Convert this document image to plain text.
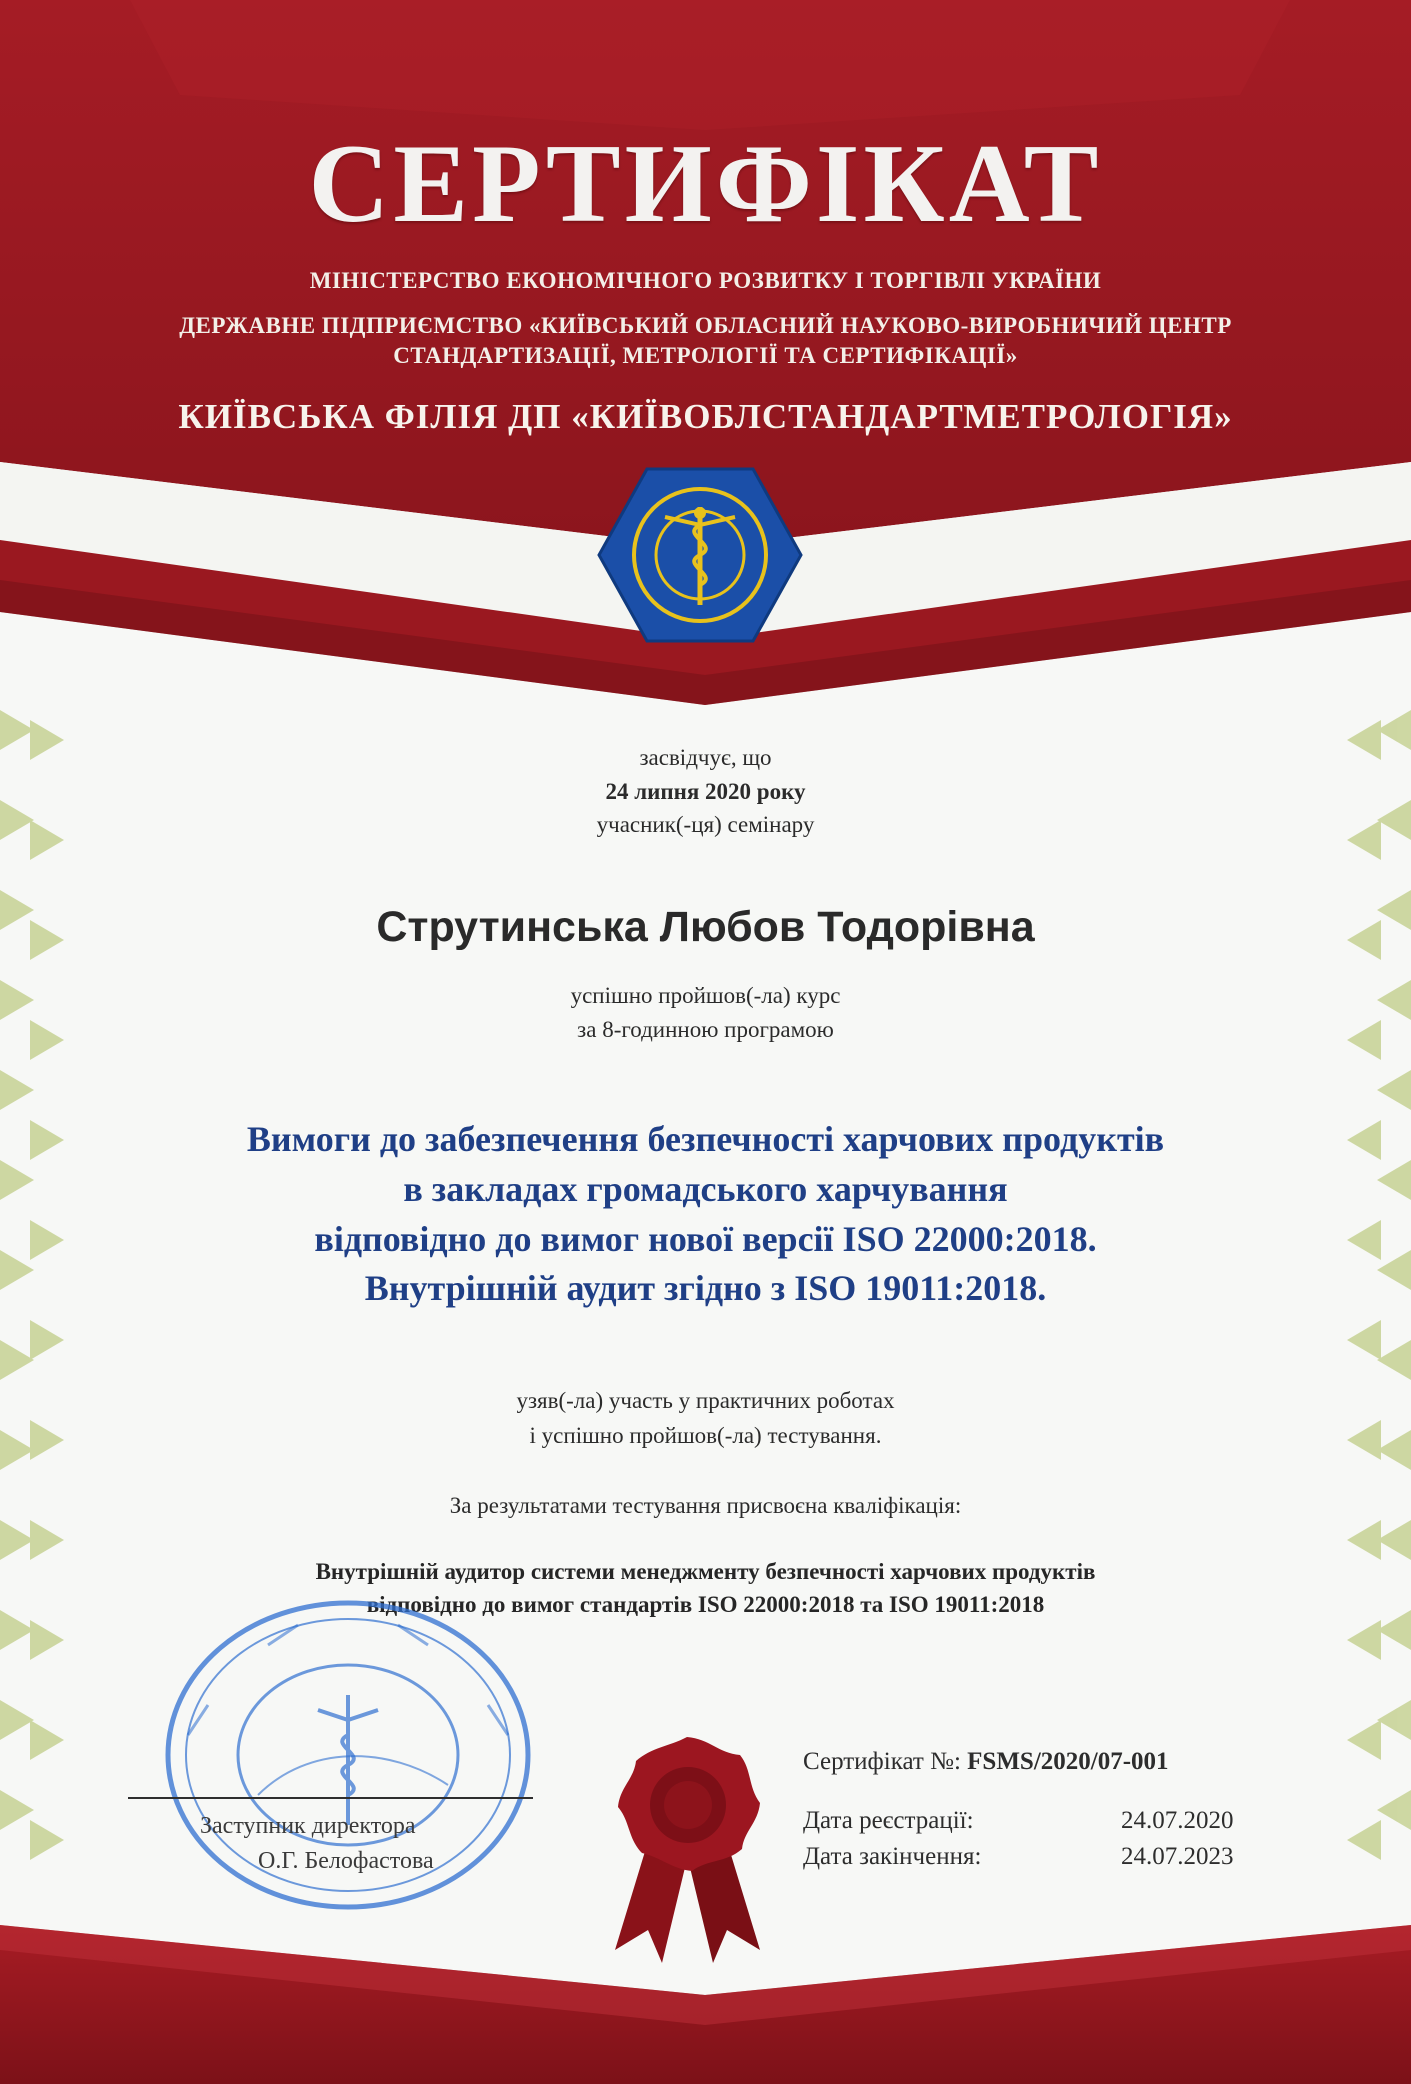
СЕРТИФІКАТ
МІНІСТЕРСТВО ЕКОНОМІЧНОГО РОЗВИТКУ І ТОРГІВЛІ УКРАЇНИ
ДЕРЖАВНЕ ПІДПРИЄМСТВО «КИЇВСЬКИЙ ОБЛАСНИЙ НАУКОВО-ВИРОБНИЧИЙ ЦЕНТР
СТАНДАРТИЗАЦІЇ, МЕТРОЛОГІЇ ТА СЕРТИФІКАЦІЇ»
КИЇВСЬКА ФІЛІЯ ДП «КИЇВОБЛСТАНДАРТМЕТРОЛОГІЯ»
засвідчує, що
24 липня 2020 року
учасник(-ця) семінару
Струтинська Любов Тодорівна
успішно пройшов(-ла) курс
за 8-годинною програмою
Вимоги до забезпечення безпечності харчових продуктів
в закладах громадського харчування
відповідно до вимог нової версії ISO 22000:2018.
Внутрішній аудит згідно з ISO 19011:2018.
узяв(-ла) участь у практичних роботах
і успішно пройшов(-ла) тестування.
За результатами тестування присвоєна кваліфікація:
Внутрішній аудитор системи менеджменту безпечності харчових продуктів
відповідно до вимог стандартів ISO 22000:2018 та ISO 19011:2018
Заступник директора
О.Г. Белофастова
Сертифікат №: FSMS/2020/07-001
Дата реєстрації:	24.07.2020
Дата закінчення:	24.07.2023
